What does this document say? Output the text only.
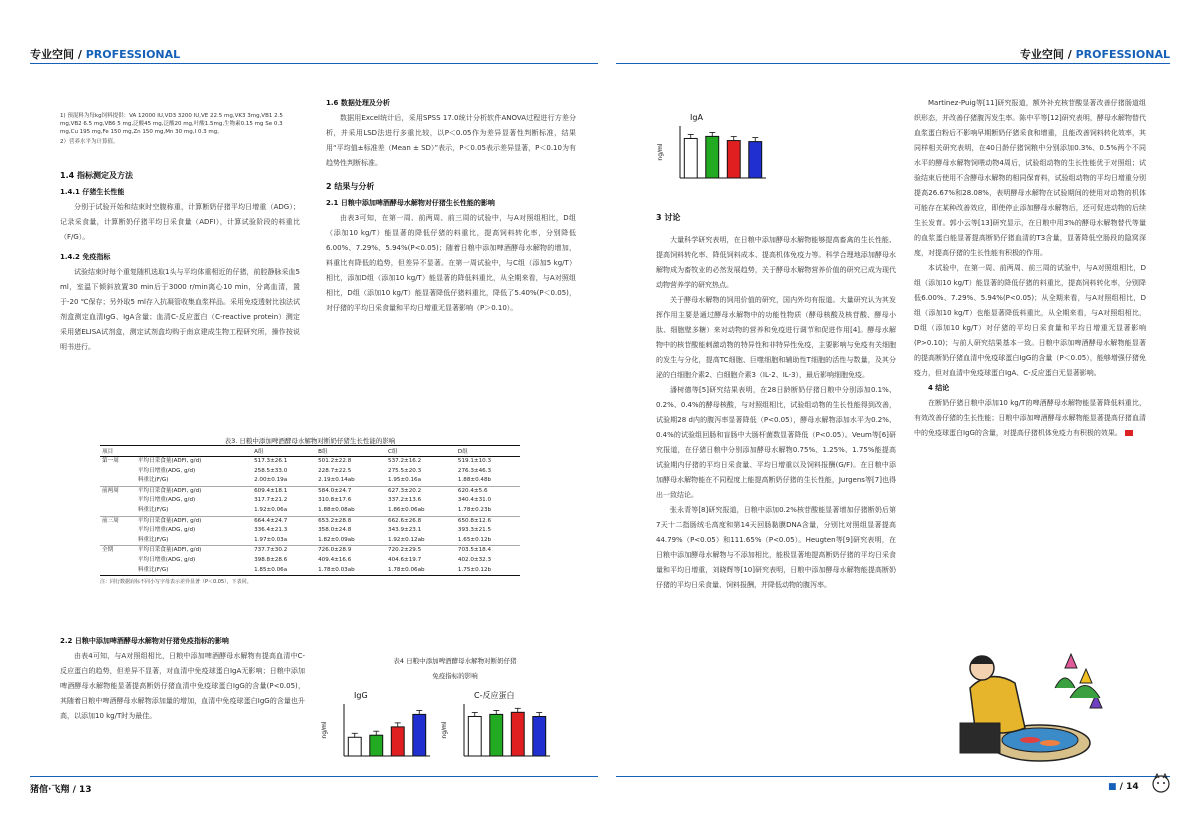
专业空间 / PROFESSIONAL	专业空间 / PROFESSIONAL
1) 预混料为每kg饲料提供：VA 12000 IU,VD3 3200 IU,VE 22.5 mg,VK3 3mg,VB1 2.5 mg,VB2 6.5 mg,VB6 5 mg,泛酸45 mg,泛酸20 mg,叶酸1.5mg,生物素0.15 mg Se 0.3 mg,Cu 195 mg,Fe 150 mg,Zn 150 mg,Mn 30 mg,I 0.3 mg。
2）营养水平为计算值。
1.4 指标测定及方法
1.4.1 仔猪生长性能

分别于试验开始和结束时空腹称重，计算断奶仔猪平均日增重（ADG）；记录采食量，计算断奶仔猪平均日采食量（ADFI），计算试验阶段的料重比（F/G）。

1.4.2 免疫指标

试验结束时每个重复随机选取1头与平均体重相近的仔猪，前腔静脉采血5 ml，室温下倾斜放置30 min后于3000 r/min离心10 min，分离血清，置于-20 ℃保存；另外取5 ml存入抗凝管收集血浆样品。采用免疫透射比浊法试剂盒测定血清IgG、IgA含量；血清C-反应蛋白（C-reactive protein）测定采用猪ELISA试剂盒，测定试剂盒均购于南京建成生物工程研究所，操作按说明书进行。

1.6 数据处理及分析

数据用Excel统计后，采用SPSS 17.0统计分析软件ANOVA过程进行方差分析，并采用LSD法进行多重比较，以P＜0.05作为差异显著性判断标准，结果用“平均值±标准差（Mean ± SD）”表示，P＜0.05表示差异显著，P＜0.10为有趋势性判断标准。

2 结果与分析
2.1 日粮中添加啤酒酵母水解物对仔猪生长性能的影响

由表3可知，在第一周、前两周、前三周的试验中，与A对照组相比，D组（添加10 kg/T）能显著的降低仔猪的料重比，提高饲料转化率，分别降低6.00%、7.29%、5.94%(P<0.05)；随着日粮中添加啤酒酵母水解物的增加，料重比有降低的趋势，但差异不显著。在第一周试验中，与C组（添加5 kg/T）相比，添加D组（添加10 kg/T）能显著的降低料重比，从全期来看，与A对照组相比，D组（添加10 kg/T）能显著降低仔猪料重比，降低了5.40%(P＜0.05)，对仔猪的平均日采食量和平均日增重无显著影响（P＞0.10）。

表3. 日粮中添加啤酒酵母水解物对断奶仔猪生长性能的影响
项目		A组	B组	C组	D组
第一周	平均日采食量(ADFI, g/d)	517.3±26.1	501.2±22.8	537.2±16.2	519.1±10.3
	平均日增重(ADG, g/d)	258.5±33.0	228.7±22.5	275.5±20.3	276.3±46.3
	料重比(F/G)	2.00±0.19a	2.19±0.14ab	1.95±0.16a	1.88±0.48b
前两周	平均日采食量(ADFI, g/d)	609.4±18.1	584.0±24.7	627.3±20.2	620.4±5.6
	平均日增重(ADG, g/d)	317.7±21.2	310.8±17.6	337.2±13.6	340.4±31.0
	料重比(F/G)	1.92±0.06a	1.88±0.08ab	1.86±0.06ab	1.78±0.23b
前三周	平均日采食量(ADFI, g/d)	664.4±24.7	653.2±28.8	662.6±26.8	650.8±12.6
	平均日增重(ADG, g/d)	336.4±21.3	358.0±24.8	343.9±23.1	393.3±21.5
	料重比(F/G)	1.97±0.03a	1.82±0.09ab	1.92±0.12ab	1.65±0.12b
全期	平均日采食量(ADFI, g/d)	737.7±30.2	726.0±28.9	720.2±29.5	703.5±18.4
	平均日增重(ADG, g/d)	398.8±28.6	409.4±16.6	404.6±19.7	402.0±32.3
	料重比(F/G)	1.85±0.06a	1.78±0.03ab	1.78±0.06ab	1.75±0.12b
注：同行数据肩标不同小写字母表示差异显著（P＜0.05），下表同。
2.2 日粮中添加啤酒酵母水解物对仔猪免疫指标的影响

由表4可知，与A对照组相比，日粮中添加啤酒酵母水解物有提高血清中C-反应蛋白的趋势，但差异不显著，对血清中免疫球蛋白IgA无影响；日粮中添加啤酒酵母水解物能显著提高断奶仔猪血清中免疫球蛋白IgG的含量(P<0.05)，其随着日粮中啤酒酵母水解物添加量的增加，血清中免疫球蛋白IgG的含量也升高，以添加10 kg/T时为最佳。

表4 日粮中添加啤酒酵母水解物对断奶仔猪
免疫指标的影响
IgA
ng/ml
IgG
ng/ml
C-反应蛋白
ng/ml
3 讨论

大量科学研究表明，在日粮中添加酵母水解物能够提高畜禽的生长性能、提高饲料转化率、降低饲料成本、提高机体免疫力等。科学合理地添加酵母水解物成为畜牧业的必然发展趋势，关于酵母水解物营养价值的研究已成为现代动物营养学的研究热点。

关于酵母水解物的饲用价值的研究，国内外均有报道。大量研究认为其发挥作用主要是通过酵母水解物中的功能性物质（酵母核酸及核苷酸、酵母小肽、细胞壁多糖）来对动物的营养和免疫进行调节和促进作用[4]。酵母水解物中的核苷酸能刺激动物的特异性和非特异性免疫，主要影响与免疫有关细胞的发生与分化，提高TC细胞、巨噬细胞和辅助性T细胞的活性与数量，及其分泌的白细胞介素2、白细胞介素3（IL-2、IL-3），最后影响细胞免疫。

潘树德等[5]研究结果表明，在28日龄断奶仔猪日粮中分别添加0.1%、0.2%、0.4%的酵母核酸，与对照组相比，试验组动物的生长性能得到改善，试验期28 d内的腹泻率显著降低（P<0.05），酵母水解物添加水平为0.2%、0.4%的试验组回肠和盲肠中大肠杆菌数显著降低（P<0.05）。Veum等[6]研究报道，在仔猪日粮中分别添加酵母水解物0.75%、1.25%、1.75%能提高试验期内仔猪的平均日采食量、平均日增重以及饲料报酬(G/F)。在日粮中添加酵母水解物能在不同程度上能提高断奶仔猪的生长性能，Jurgens等[7]也得出一致结论。

张永青等[8]研究报道，日粮中添加0.2%核苷酸能显著增加仔猪断奶后第7天十二指肠绒毛高度和第14天回肠黏膜DNA含量，分别比对照组显著提高44.79%（P<0.05）和111.65%（P<0.05）。Heugten等[9]研究表明，在日粮中添加酵母水解物与不添加相比，能极显著地提高断奶仔猪的平均日采食量和平均日增重，刘晓辉等[10]研究表明，日粮中添加酵母水解物能提高断奶仔猪的平均日采食量、饲料报酬，并降低动物的腹泻率。

Martinez-Puig等[11]研究报道，额外补充核苷酸显著改善仔猪肠道组织形态，并改善仔猪腹泻发生率。陈中平等[12]研究表明，酵母水解物替代血浆蛋白粉后不影响早期断奶仔猪采食和增重，且能改善饲料转化效率，其同样相关研究表明，在40日龄仔猪饲粮中分别添加0.3%、0.5%两个不同水平的酵母水解物饲喂动物4周后，试验组动物的生长性能优于对照组；试验结束后使用不含酵母水解物的相同保育料，试验组动物的平均日增重分别提高26.67%和28.08%，表明酵母水解物在试验期间的使用对动物的机体可能存在某种改善效应，即使停止添加酵母水解物后，还可促进动物的后续生长发育。郭小云等[13]研究显示，在日粮中用3%的酵母水解物替代等量的血浆蛋白能显著提高断奶仔猪血清的T3含量，显著降低空肠段的隐窝深度，对提高仔猪的生长性能有积极的作用。

本试验中，在第一周、前两周、前三周的试验中，与A对照组相比，D组（添加10 kg/T）能显著的降低仔猪的料重比，提高饲料转化率，分别降低6.00%、7.29%、5.94%(P<0.05)；从全期来看，与A对照组相比，D组（添加10 kg/T）也能显著降低料重比，从全期来看，与A对照组相比，D组（添加10 kg/T）对仔猪的平均日采食量和平均日增重无显著影响(P>0.10)；与前人研究结果基本一致。日粮中添加啤酒酵母水解物能显著的提高断奶仔猪血清中免疫球蛋白IgG的含量（P＜0.05），能够增强仔猪免疫力，但对血清中免疫球蛋白IgA、C-反应蛋白无显著影响。

4 结论

在断奶仔猪日粮中添加10 kg/T的啤酒酵母水解物能显著降低料重比，有效改善仔猪的生长性能；日粮中添加啤酒酵母水解物能显著提高仔猪血清中的免疫球蛋白IgG的含量，对提高仔猪机体免疫力有积极的效果。

猪倌·飞翔 / 13	■ / 14
